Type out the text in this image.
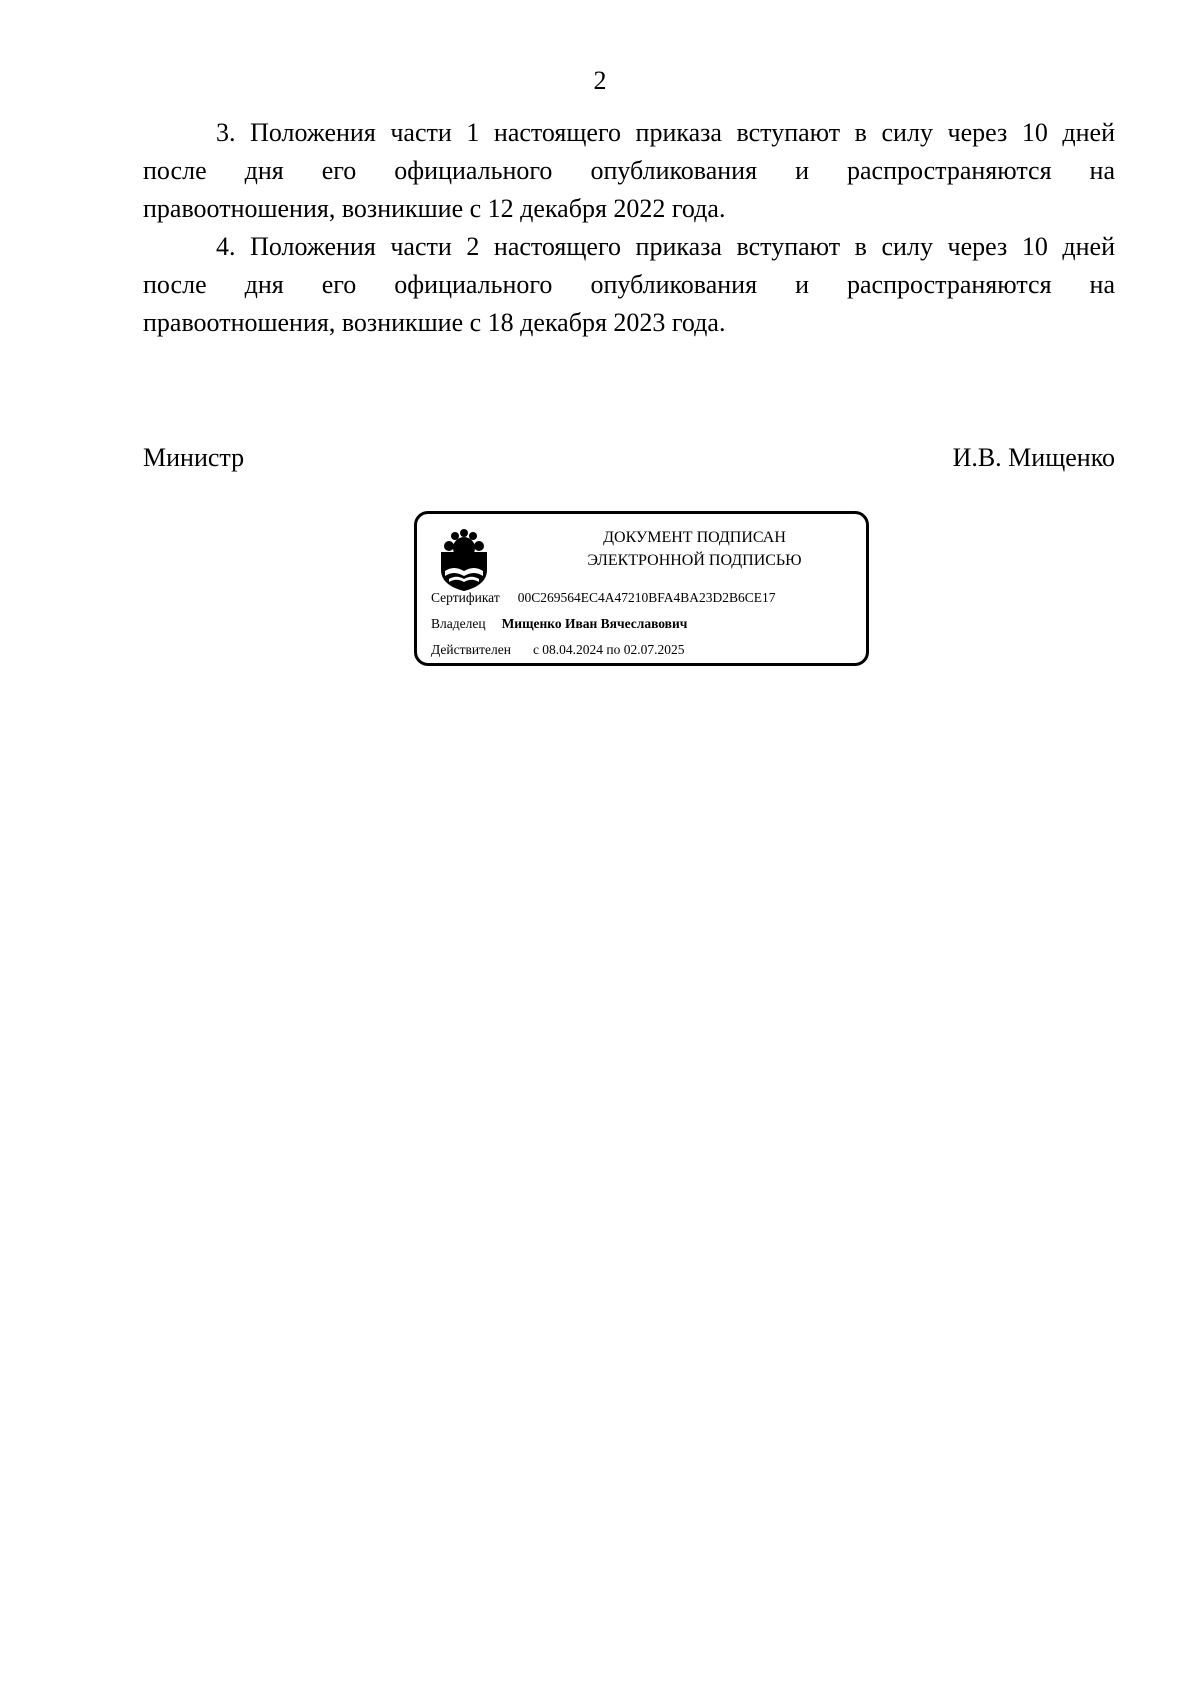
2

3. Положения части 1 настоящего приказа вступают в силу через 10 дней
после дня его официального опубликования и распространяются на
правоотношения, возникшие с 12 декабря 2022 года.

4. Положения части 2 настоящего приказа вступают в силу через 10 дней
после дня его официального опубликования и распространяются на
правоотношения, возникшие с 18 декабря 2023 года.

Министр	И.В. Мищенко
ДОКУМЕНТ ПОДПИСАН
ЭЛЕКТРОННОЙ ПОДПИСЬЮ
Сертификат 00C269564EC4A47210BFA4BA23D2B6CE17
Владелец Мищенко Иван Вячеславович
Действителен с 08.04.2024 по 02.07.2025
